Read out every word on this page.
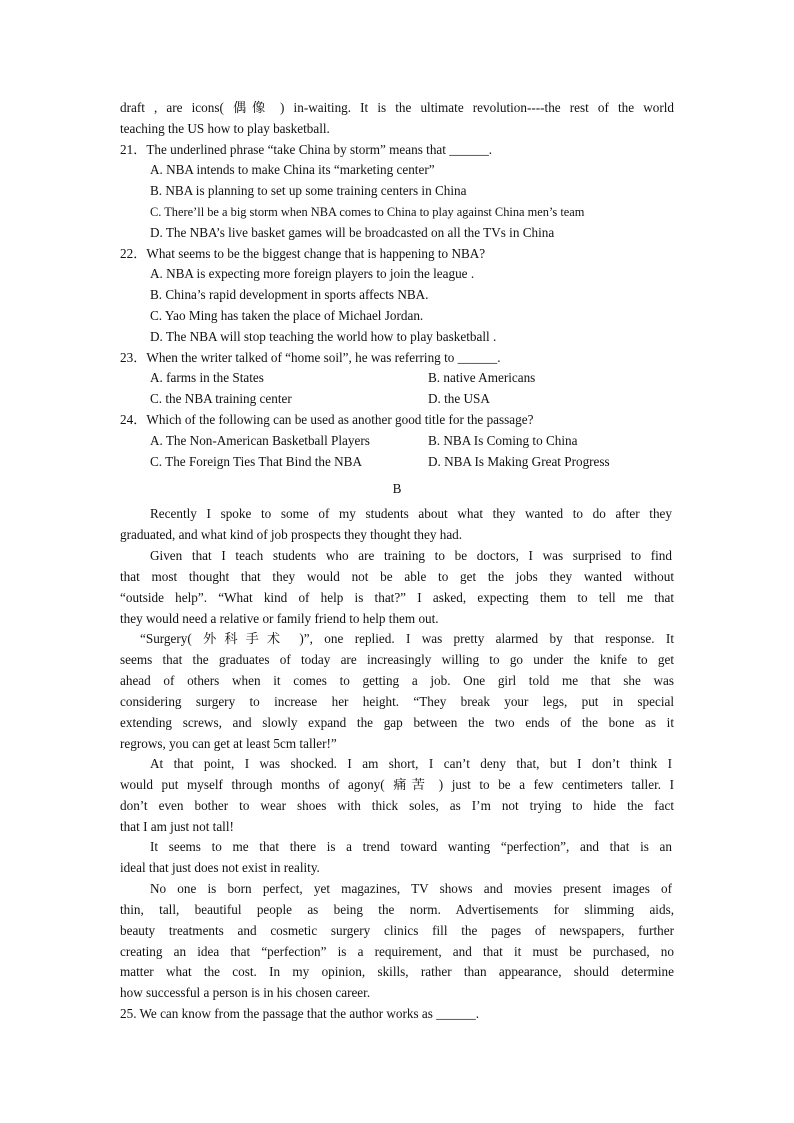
draft , are icons( 偶像 ) in-waiting. It is the ultimate revolution----the rest of the world
teaching the US how to play basketball.
21．The underlined phrase “take China by storm” means that ______.
A. NBA intends to make China its “marketing center”
B. NBA is planning to set up some training centers in China
C. There’ll be a big storm when NBA comes to China to play against China men’s team
D. The NBA’s live basket games will be broadcasted on all the TVs in China
22．What seems to be the biggest change that is happening to NBA?
A. NBA is expecting more foreign players to join the league .
B. China’s rapid development in sports affects NBA.
C. Yao Ming has taken the place of Michael Jordan.
D. The NBA will stop teaching the world how to play basketball .
23．When the writer talked of “home soil”, he was referring to ______.
A. farms in the States	B. native Americans
C. the NBA training center	D. the USA
24．Which of the following can be used as another good title for the passage?
A. The Non-American Basketball Players	B. NBA Is Coming to China
C. The Foreign Ties That Bind the NBA	D. NBA Is Making Great Progress
B
Recently I spoke to some of my students about what they wanted to do after they
graduated, and what kind of job prospects they thought they had.
Given that I teach students who are training to be doctors, I was surprised to find
that most thought that they would not be able to get the jobs they wanted without
“outside help”. “What kind of help is that?” I asked, expecting them to tell me that
they would need a relative or family friend to help them out.
“Surgery( 外科手术 )”, one replied. I was pretty alarmed by that response. It
seems that the graduates of today are increasingly willing to go under the knife to get
ahead of others when it comes to getting a job. One girl told me that she was
considering surgery to increase her height. “They break your legs, put in special
extending screws, and slowly expand the gap between the two ends of the bone as it
regrows, you can get at least 5cm taller!”
At that point, I was shocked. I am short, I can’t deny that, but I don’t think I
would put myself through months of agony( 痛苦 ) just to be a few centimeters taller. I
don’t even bother to wear shoes with thick soles, as I’m not trying to hide the fact
that I am just not tall!
It seems to me that there is a trend toward wanting “perfection”, and that is an
ideal that just does not exist in reality.
No one is born perfect, yet magazines, TV shows and movies present images of
thin, tall, beautiful people as being the norm. Advertisements for slimming aids,
beauty treatments and cosmetic surgery clinics fill the pages of newspapers, further
creating an idea that “perfection” is a requirement, and that it must be purchased, no
matter what the cost. In my opinion, skills, rather than appearance, should determine
how successful a person is in his chosen career.
25. We can know from the passage that the author works as ______.
